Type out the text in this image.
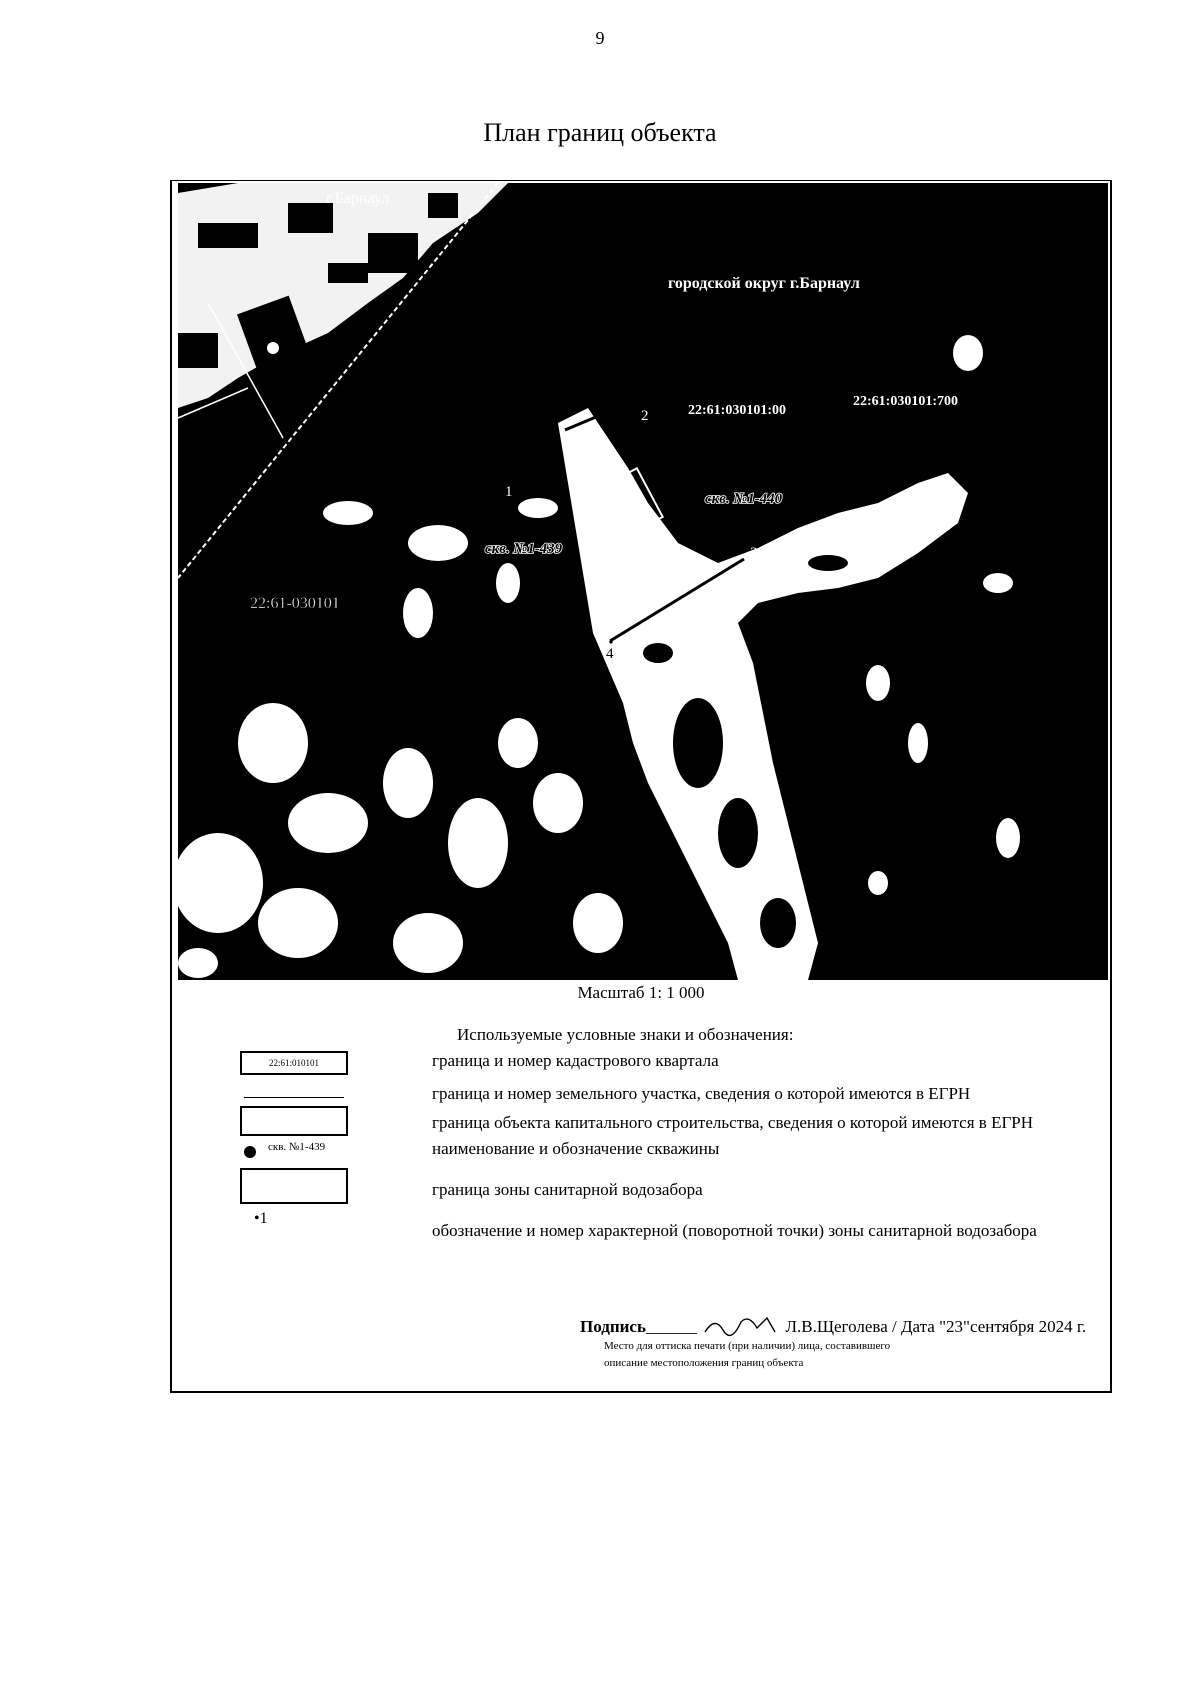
9
План границ объекта
г.Барнаул
городской округ г.Барнаул
22:61:030101:00
22:61:030101:700
22:61-030101
скв. №1-439
скв. №1-440
1
2
3
4
Масштаб 1: 1 000
Используемые условные знаки и обозначения:
22:61:010101
скв. №1-439
•1
граница и номер кадастрового квартала
граница и номер земельного участка, сведения о которой имеются в ЕГРН
граница объекта капитального строительства, сведения о которой имеются в ЕГРН
наименование и обозначение скважины
граница зоны санитарной водозабора
обозначение и номер характерной (поворотной точки) зоны санитарной водозабора
Подпись______	Л.В.Щеголева / Дата "23"сентября 2024 г.
Место для оттиска печати (при наличии) лица, составившего
описание местоположения границ объекта
